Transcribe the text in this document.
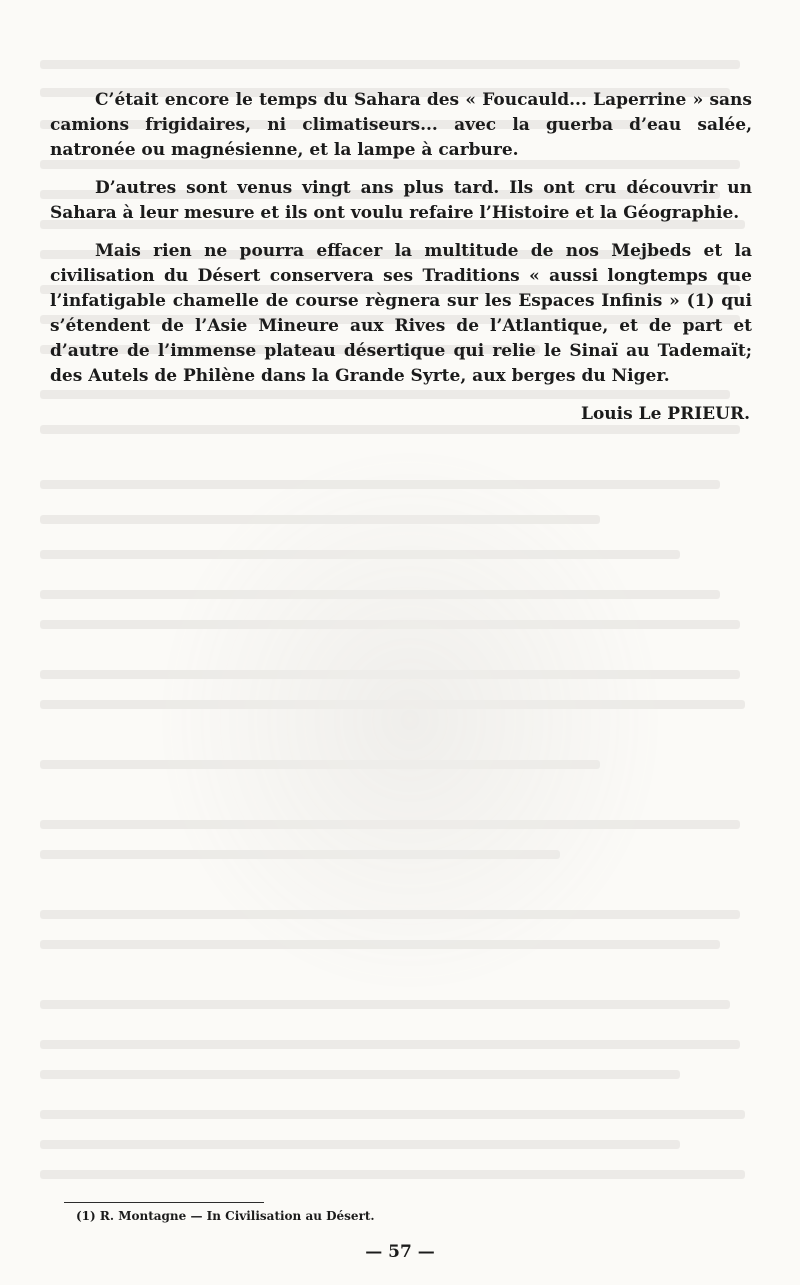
C’était encore le temps du Sahara des « Foucauld... Laperrine » sans camions frigidaires, ni climatiseurs... avec la guerba d’eau salée, natronée ou magnésienne, et la lampe à carbure.

D’autres sont venus vingt ans plus tard. Ils ont cru découvrir un Sahara à leur mesure et ils ont voulu refaire l’Histoire et la Géographie.

Mais rien ne pourra effacer la multitude de nos Mejbeds et la civilisation du Désert conservera ses Traditions « aussi longtemps que l’infatigable chamelle de course règnera sur les Espaces Infinis » (1) qui s’étendent de l’Asie Mineure aux Rives de l’Atlantique, et de part et d’autre de l’immense plateau désertique qui relie le Sinaï au Tademaït; des Autels de Philène dans la Grande Syrte, aux berges du Niger.

Louis Le PRIEUR.

(1) R. Montagne — In Civilisation au Désert.
— 57 —
